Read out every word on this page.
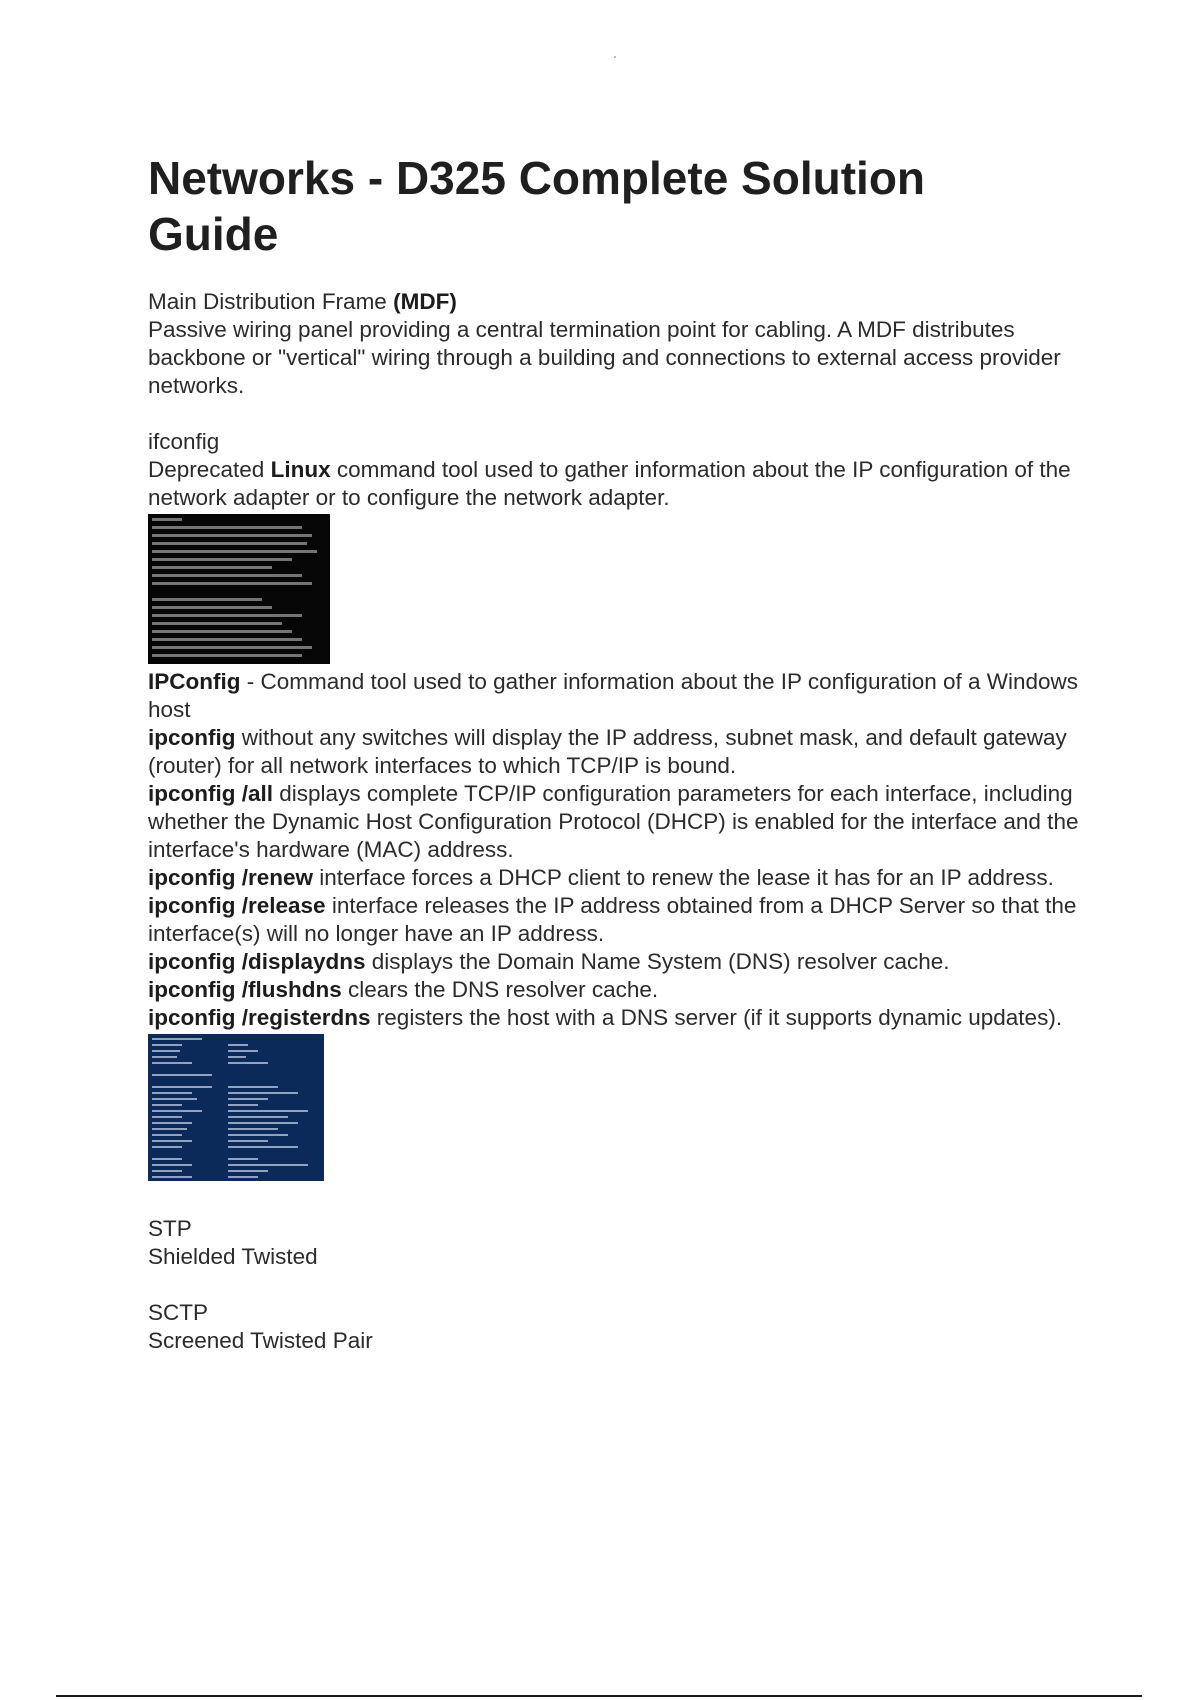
Networks - D325 Complete Solution Guide

Main Distribution Frame (MDF)

Passive wiring panel providing a central termination point for cabling. A MDF distributes backbone or "vertical" wiring through a building and connections to external access provider networks.

ifconfig

Deprecated Linux command tool used to gather information about the IP configuration of the network adapter or to configure the network adapter.

IPConfig - Command tool used to gather information about the IP configuration of a Windows host

ipconfig without any switches will display the IP address, subnet mask, and default gateway (router) for all network interfaces to which TCP/IP is bound.

ipconfig /all displays complete TCP/IP configuration parameters for each interface, including whether the Dynamic Host Configuration Protocol (DHCP) is enabled for the interface and the interface's hardware (MAC) address.

ipconfig /renew interface forces a DHCP client to renew the lease it has for an IP address.

ipconfig /release interface releases the IP address obtained from a DHCP Server so that the interface(s) will no longer have an IP address.

ipconfig /displaydns displays the Domain Name System (DNS) resolver cache.

ipconfig /flushdns clears the DNS resolver cache.

ipconfig /registerdns registers the host with a DNS server (if it supports dynamic updates).

STP

Shielded Twisted

SCTP

Screened Twisted Pair
